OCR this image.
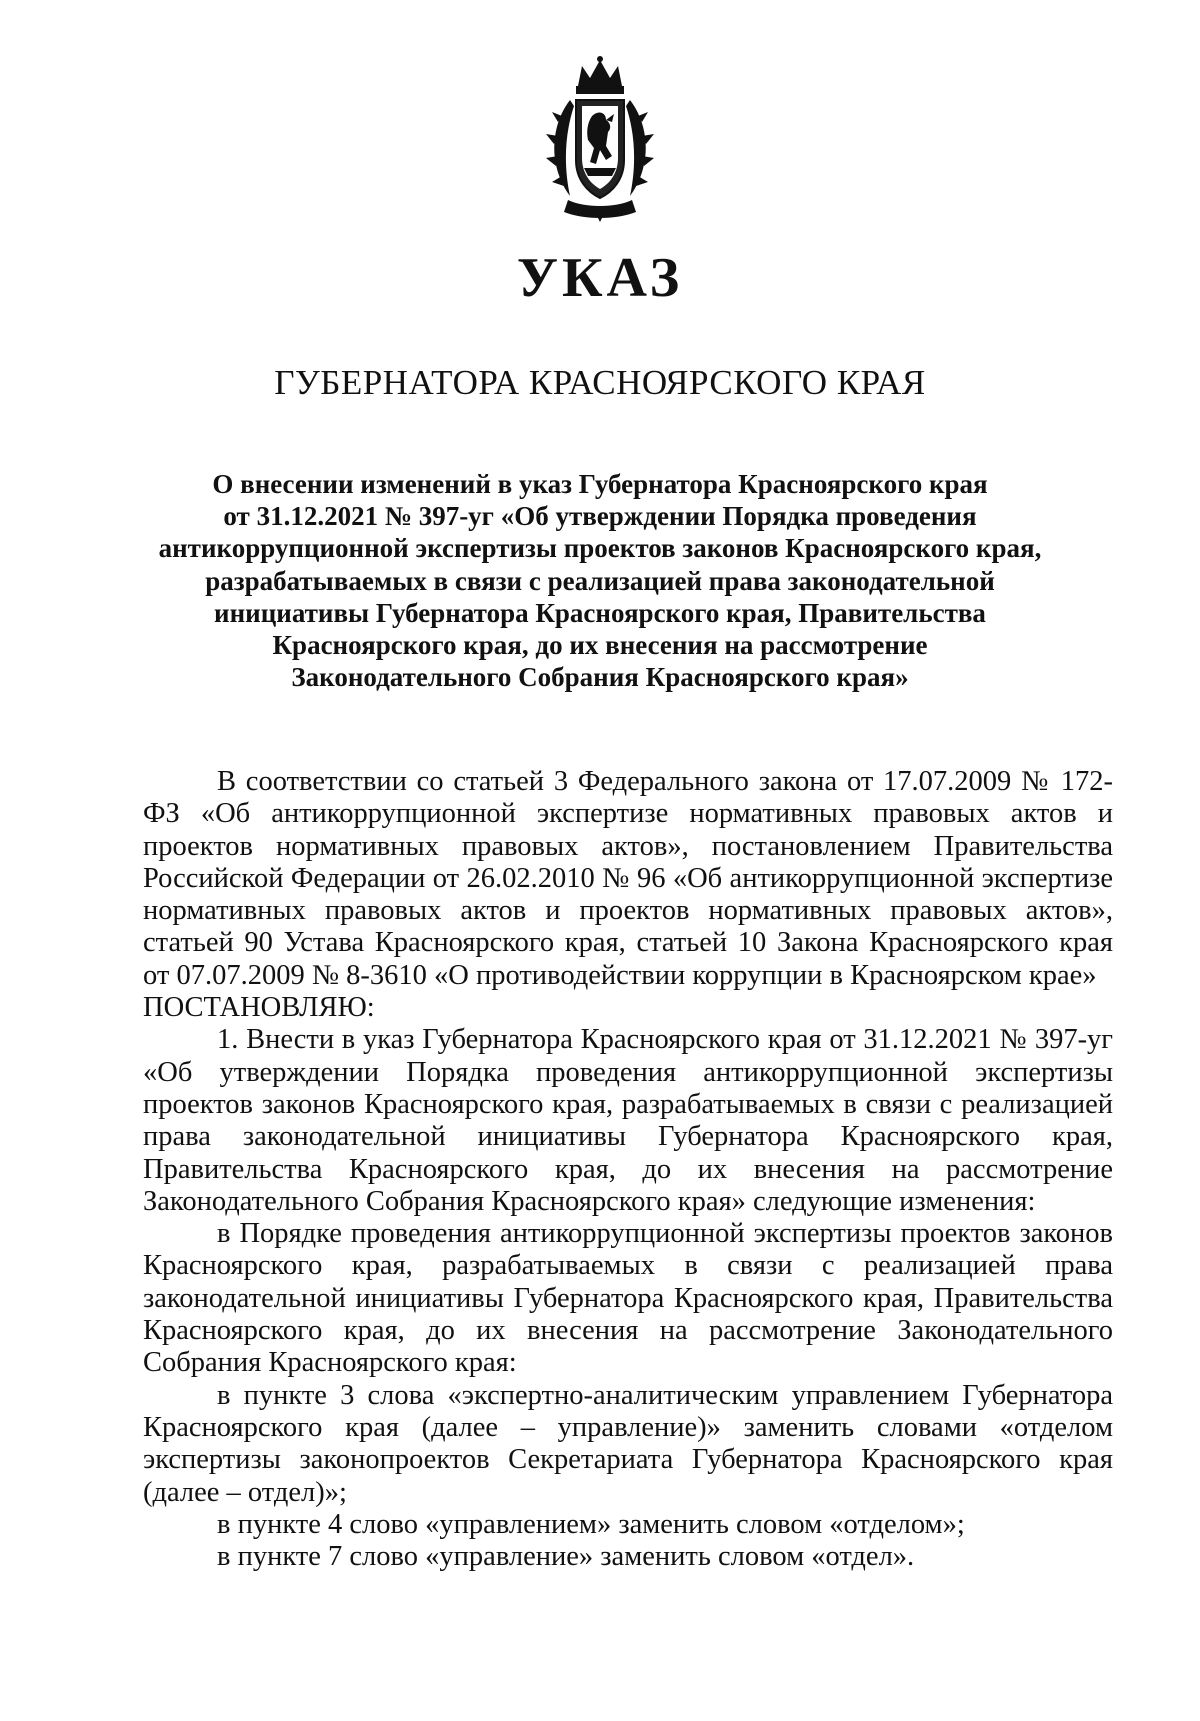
УКАЗ
ГУБЕРНАТОРА КРАСНОЯРСКОГО КРАЯ
О внесении изменений в указ Губернатора Красноярского края
от 31.12.2021 № 397-уг «Об утверждении Порядка проведения
антикоррупционной экспертизы проектов законов Красноярского края,
разрабатываемых в связи с реализацией права законодательной
инициативы Губернатора Красноярского края, Правительства
Красноярского края, до их внесения на рассмотрение
Законодательного Собрания Красноярского края»

В соответствии со статьей 3 Федерального закона от 17.07.2009 № 172-ФЗ «Об антикоррупционной экспертизе нормативных правовых актов и проектов нормативных правовых актов», постановлением Правительства Российской Федерации от 26.02.2010 № 96 «Об антикоррупционной экспертизе нормативных правовых актов и проектов нормативных правовых актов», статьей 90 Устава Красноярского края, статьей 10 Закона Красноярского края от 07.07.2009 № 8-3610 «О противодействии коррупции в Красноярском крае»

ПОСТАНОВЛЯЮ:

1. Внести в указ Губернатора Красноярского края от 31.12.2021 № 397-уг «Об утверждении Порядка проведения антикоррупционной экспертизы проектов законов Красноярского края, разрабатываемых в связи с реализацией права законодательной инициативы Губернатора Красноярского края, Правительства Красноярского края, до их внесения на рассмотрение Законодательного Собрания Красноярского края» следующие изменения:

в Порядке проведения антикоррупционной экспертизы проектов законов Красноярского края, разрабатываемых в связи с реализацией права законодательной инициативы Губернатора Красноярского края, Правительства Красноярского края, до их внесения на рассмотрение Законодательного Собрания Красноярского края:

в пункте 3 слова «экспертно-аналитическим управлением Губернатора Красноярского края (далее – управление)» заменить словами «отделом экспертизы законопроектов Секретариата Губернатора Красноярского края (далее – отдел)»;

в пункте 4 слово «управлением» заменить словом «отделом»;

в пункте 7 слово «управление» заменить словом «отдел».
